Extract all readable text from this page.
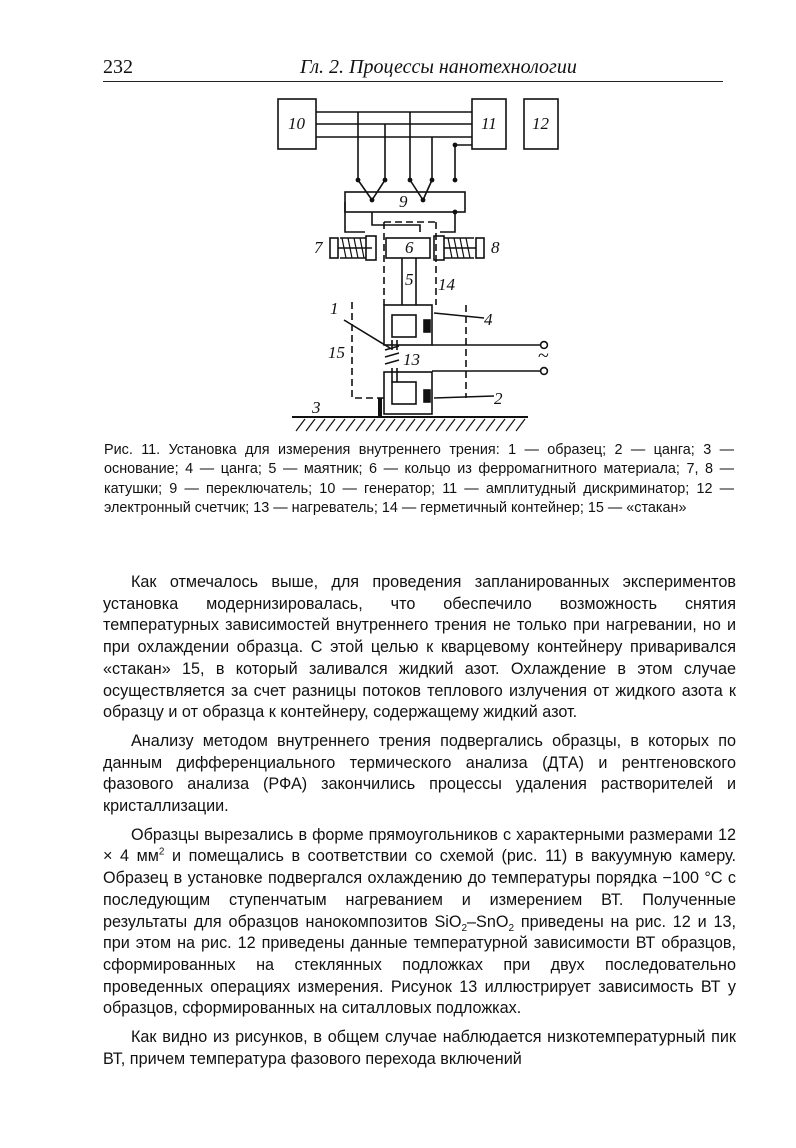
232	Гл. 2. Процессы нанотехнологии
10	11 12
9
7	8
6
5 14
15
4
13
1
~
2
3
Рис. 11. Установка для измерения внутреннего трения: 1 — образец; 2 — цанга; 3 — основание; 4 — цанга; 5 — маятник; 6 — кольцо из ферромагнитного материала; 7, 8 — катушки; 9 — переключатель; 10 — генератор; 11 — амплитудный дискриминатор; 12 — электронный счетчик; 13 — нагреватель; 14 — герметичный контейнер; 15 — «стакан»

Как отмечалось выше, для проведения запланированных экспериментов установка модернизировалась, что обеспечило возможность снятия температурных зависимостей внутреннего трения не только при нагревании, но и при охлаждении образца. С этой целью к кварцевому контейнеру приваривался «стакан» 15, в который заливался жидкий азот. Охлаждение в этом случае осуществляется за счет разницы потоков теплового излучения от жидкого азота к образцу и от образца к контейнеру, содержащему жидкий азот.

Анализу методом внутреннего трения подвергались образцы, в которых по данным дифференциального термического анализа (ДТА) и рентгеновского фазового анализа (РФА) закончились процессы удаления растворителей и кристаллизации.

Образцы вырезались в форме прямоугольников с характерными размерами 12 × 4 $мм^2$ и помещались в соответствии со схемой (рис. 11) в вакуумную камеру. Образец в установке подвергался охлаждению до температуры порядка −100 °С с последующим ступенчатым нагреванием и измерением ВТ. Полученные результаты для образцов нанокомпозитов SiO$_2$–SnO$_2$ приведены на рис. 12 и 13, при этом на рис. 12 приведены данные температурной зависимости ВТ образцов, сформированных на стеклянных подложках при двух последовательно проведенных операциях измерения. Рисунок 13 иллюстрирует зависимость ВТ у образцов, сформированных на ситалловых подложках.

Как видно из рисунков, в общем случае наблюдается низкотемпературный пик ВТ, причем температура фазового перехода включений
